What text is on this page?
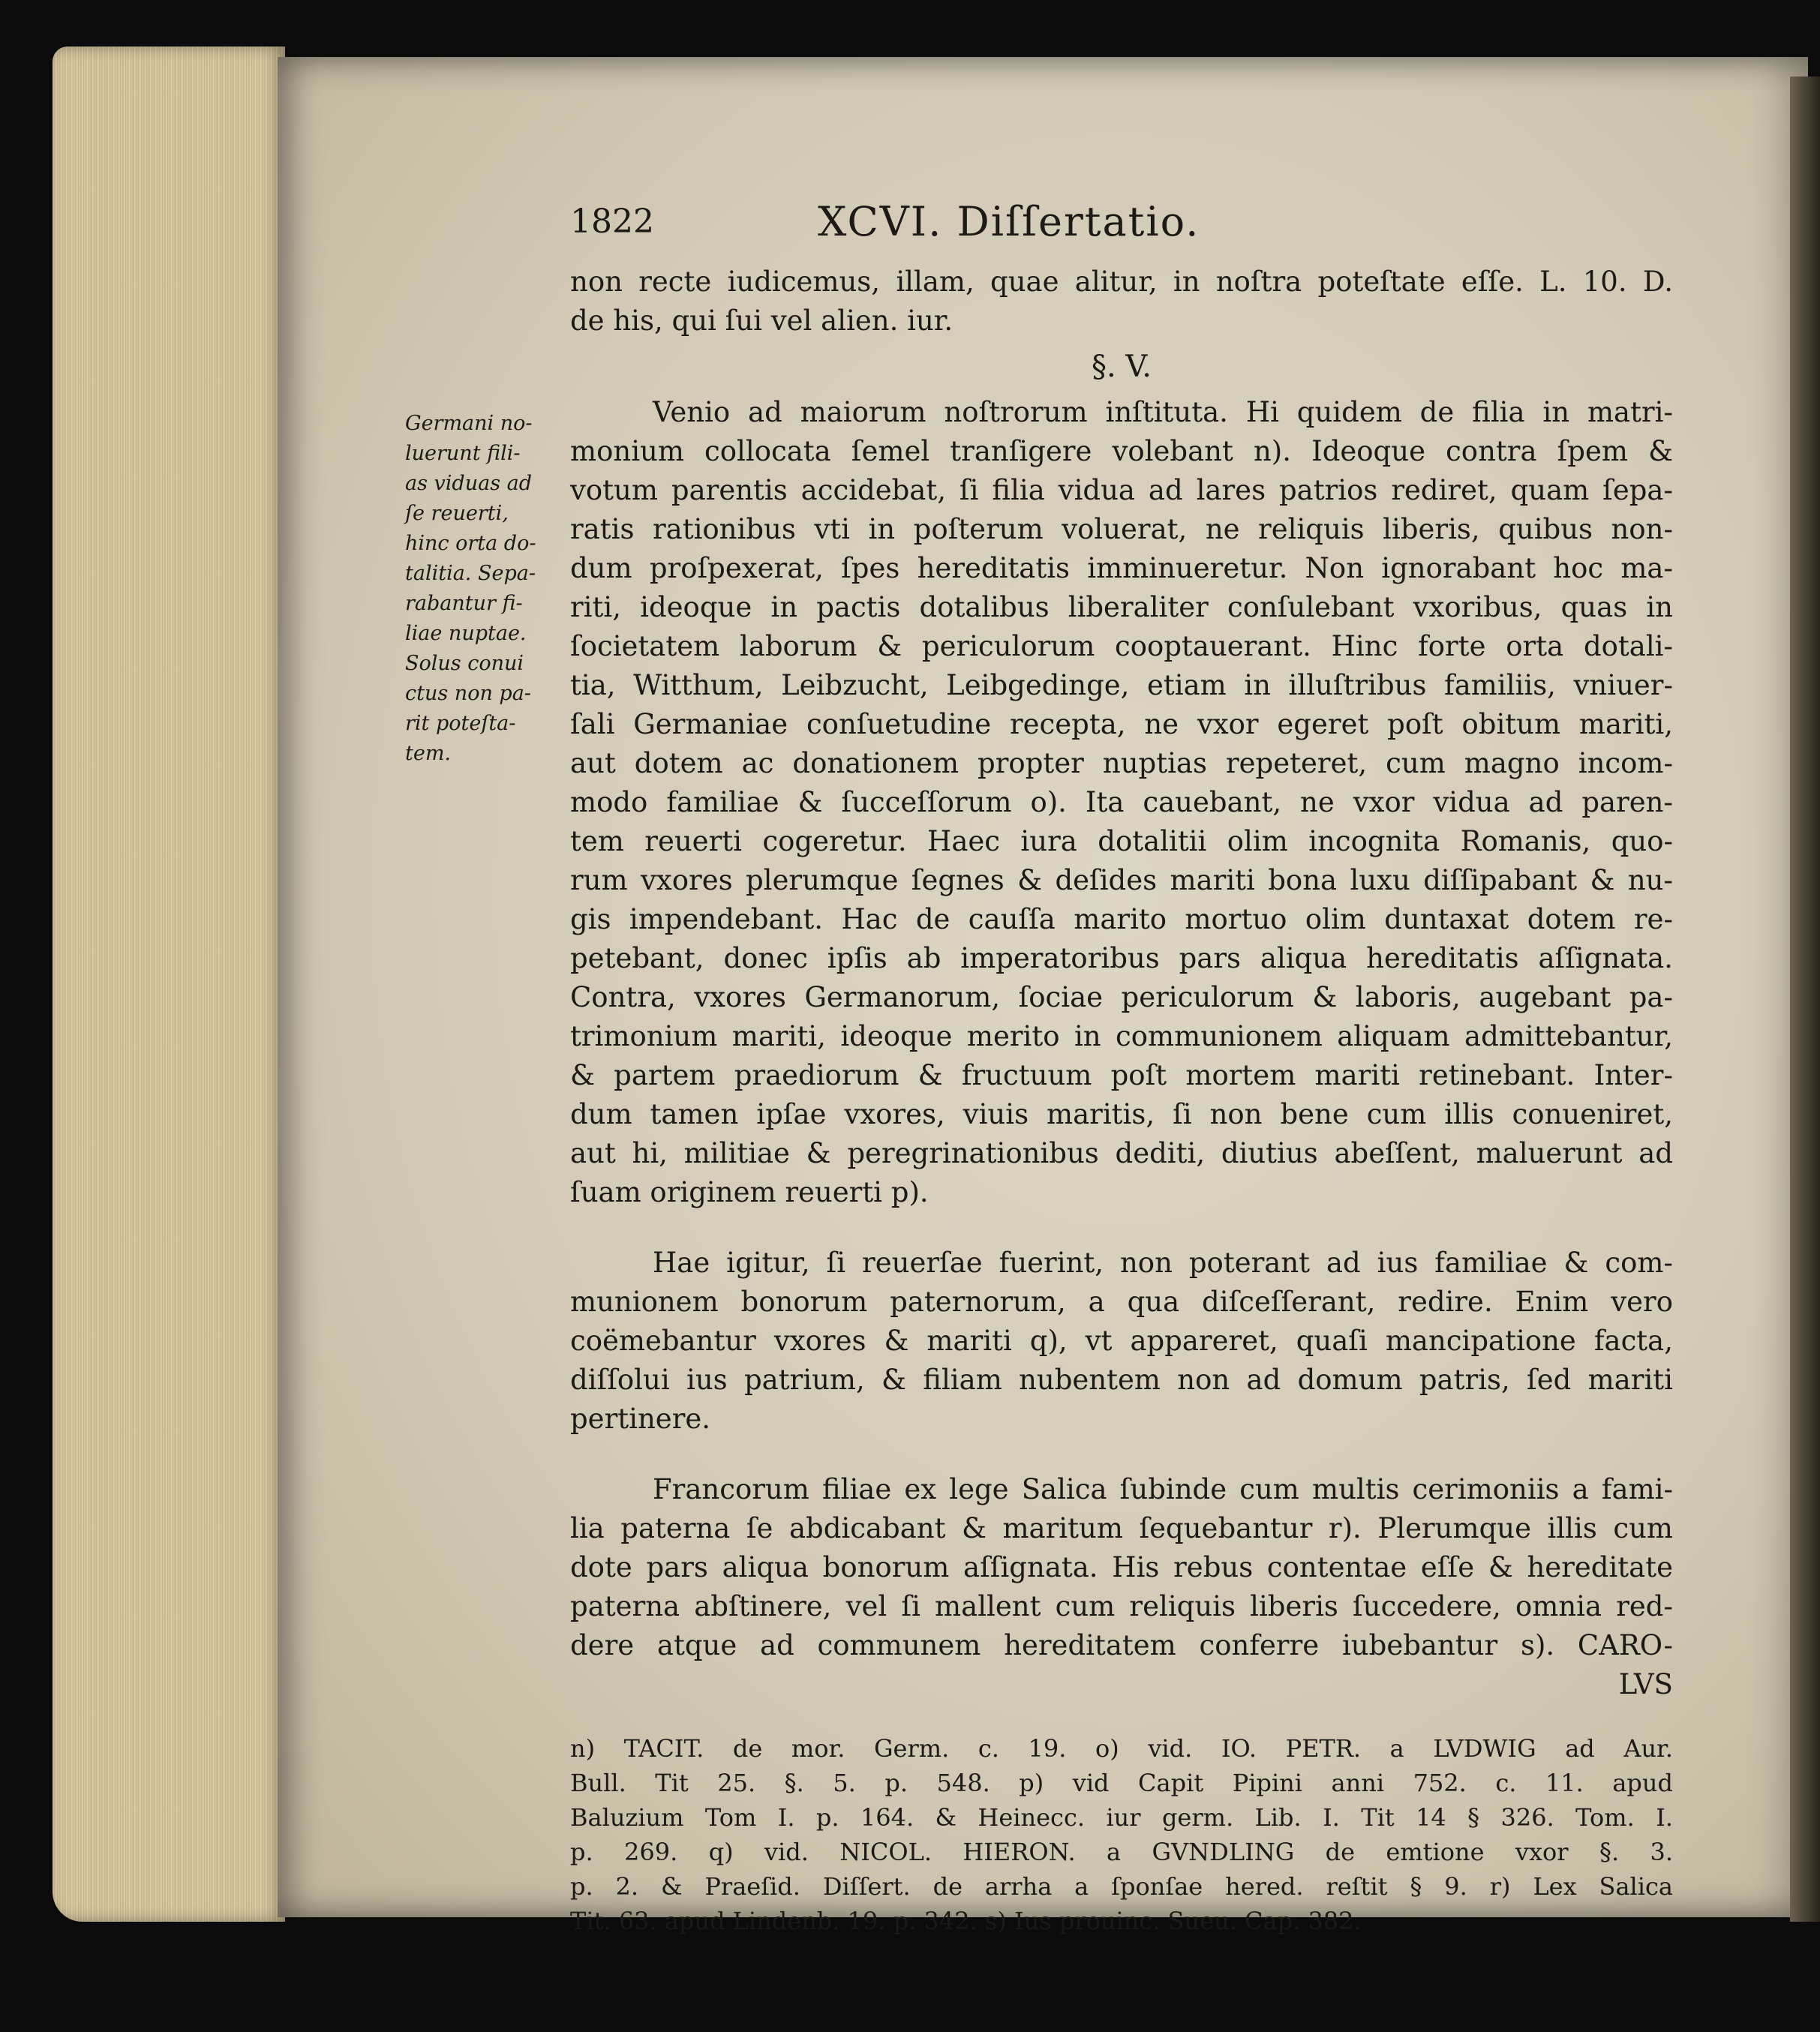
Germani no-
luerunt fili-
as viduas ad
ſe reuerti,
hinc orta do-
talitia. Sepa-
rabantur fi-
liae nuptae.
Solus conui
ctus non pa-
rit poteſta-
tem.
1822	XCVI. Diſſertatio.
non recte iudicemus, illam, quae alitur, in noſtra poteſtate eſſe. L. 10. D.
de his, qui ſui vel alien. iur.
§. V.
Venio ad maiorum noſtrorum inſtituta. Hi quidem de filia in matri-
monium collocata ſemel tranſigere volebant n). Ideoque contra ſpem &
votum parentis accidebat, ſi filia vidua ad lares patrios rediret, quam ſepa-
ratis rationibus vti in poſterum voluerat, ne reliquis liberis, quibus non-
dum proſpexerat, ſpes hereditatis imminueretur. Non ignorabant hoc ma-
riti, ideoque in pactis dotalibus liberaliter conſulebant vxoribus, quas in
ſocietatem laborum & periculorum cooptauerant. Hinc forte orta dotali-
tia, Witthum, Leibzucht, Leibgedinge, etiam in illuſtribus familiis, vniuer-
ſali Germaniae conſuetudine recepta, ne vxor egeret poſt obitum mariti,
aut dotem ac donationem propter nuptias repeteret, cum magno incom-
modo familiae & ſucceſſorum o). Ita cauebant, ne vxor vidua ad paren-
tem reuerti cogeretur. Haec iura dotalitii olim incognita Romanis, quo-
rum vxores plerumque ſegnes & deſides mariti bona luxu diſſipabant & nu-
gis impendebant. Hac de cauſſa marito mortuo olim duntaxat dotem re-
petebant, donec ipſis ab imperatoribus pars aliqua hereditatis aſſignata.
Contra, vxores Germanorum, ſociae periculorum & laboris, augebant pa-
trimonium mariti, ideoque merito in communionem aliquam admittebantur,
& partem praediorum & fructuum poſt mortem mariti retinebant. Inter-
dum tamen ipſae vxores, viuis maritis, ſi non bene cum illis conueniret,
aut hi, militiae & peregrinationibus dediti, diutius abeſſent, maluerunt ad
ſuam originem reuerti p).
Hae igitur, ſi reuerſae fuerint, non poterant ad ius familiae & com-
munionem bonorum paternorum, a qua diſceſſerant, redire. Enim vero
coëmebantur vxores & mariti q), vt appareret, quaſi mancipatione facta,
diſſolui ius patrium, & filiam nubentem non ad domum patris, ſed mariti
pertinere.
Francorum filiae ex lege Salica ſubinde cum multis cerimoniis a fami-
lia paterna ſe abdicabant & maritum ſequebantur r). Plerumque illis cum
dote pars aliqua bonorum aſſignata. His rebus contentae eſſe & hereditate
paterna abſtinere, vel ſi mallent cum reliquis liberis ſuccedere, omnia red-
dere atque ad communem hereditatem conferre iubebantur s). CARO-
LVS
n) TACIT. de mor. Germ. c. 19. o) vid. IO. PETR. a LVDWIG ad Aur.
Bull. Tit 25. §. 5. p. 548. p) vid Capit Pipini anni 752. c. 11. apud
Baluzium Tom I. p. 164. & Heinecc. iur germ. Lib. I. Tit 14 § 326. Tom. I.
p. 269. q) vid. NICOL. HIERON. a GVNDLING de emtione vxor §. 3.
p. 2. & Praeſid. Diſſert. de arrha a ſponſae hered. reſtit § 9. r) Lex Salica
Tit. 63. apud Lindenb. 19. p. 342. s) Ius prouinc. Sueu. Cap. 382.
